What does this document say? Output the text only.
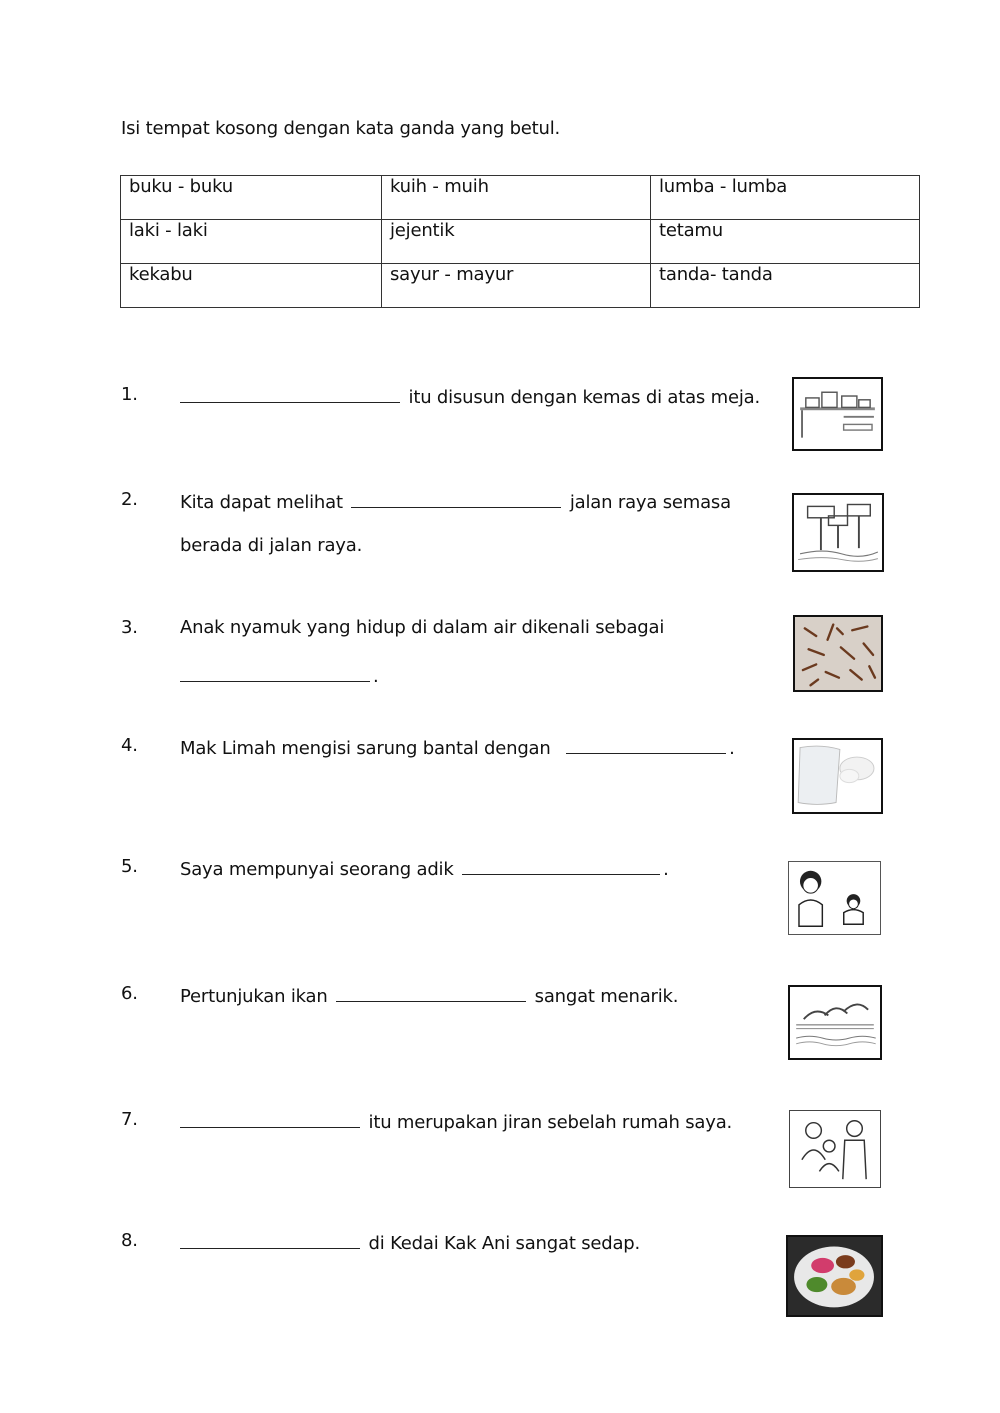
Isi tempat kosong dengan kata ganda yang betul.
buku - buku	kuih - muih	lumba - lumba
laki - laki	jejentik	tetamu
kekabu	sayur - mayur	tanda- tanda
1.	itu disusun dengan kemas di atas meja.
2. Kita dapat melihat	jalan raya semasa
berada di jalan raya.
3. Anak nyamuk yang hidup di dalam air dikenali sebagai
.
4. Mak Limah mengisi sarung bantal dengan	.
5. Saya mempunyai seorang adik	.
6. Pertunjukan ikan	sangat menarik.
7.	itu merupakan jiran sebelah rumah saya.
8.	di Kedai Kak Ani sangat sedap.
